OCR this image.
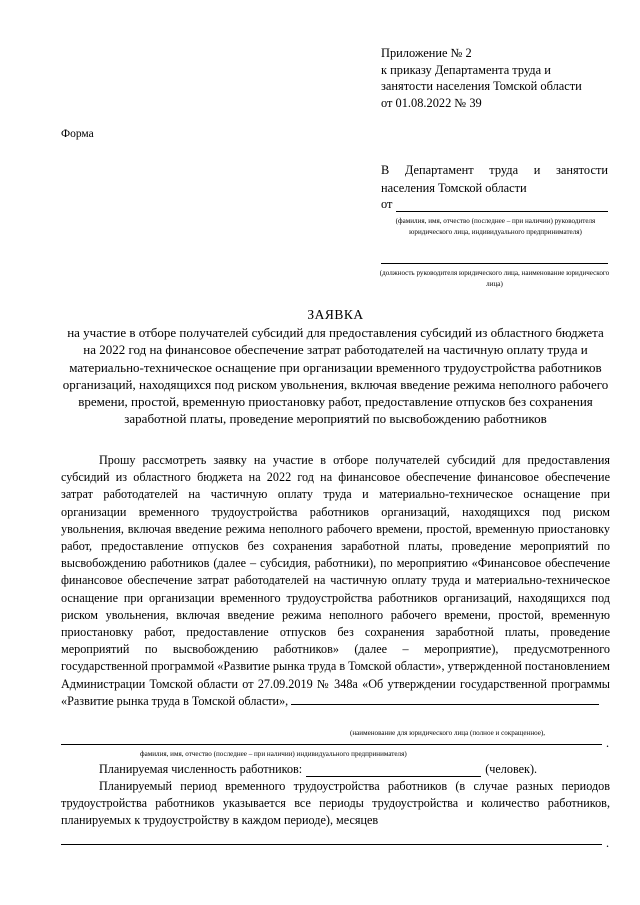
Приложение № 2
к приказу Департамента труда и
занятости населения Томской области
от 01.08.2022 № 39
Форма
В Департамент труда и занятости населения Томской области
от
(фамилия, имя, отчество (последнее – при наличии) руководителя юридического лица, индивидуального предпринимателя)
(должность руководителя юридического лица, наименование юридического лица)
ЗАЯВКА
на участие в отборе получателей субсидий для предоставления субсидий из областного бюджета на 2022 год на финансовое обеспечение затрат работодателей на частичную оплату труда и материально-техническое оснащение при организации временного трудоустройства работников организаций, находящихся под риском увольнения, включая введение режима неполного рабочего времени, простой, временную приостановку работ, предоставление отпусков без сохранения заработной платы, проведение мероприятий по высвобождению работников

Прошу рассмотреть заявку на участие в отборе получателей субсидий для предоставления субсидий из областного бюджета на 2022 год на финансовое обеспечение финансовое обеспечение затрат работодателей на частичную оплату труда и материально-техническое оснащение при организации временного трудоустройства работников организаций, находящихся под риском увольнения, включая введение режима неполного рабочего времени, простой, временную приостановку работ, предоставление отпусков без сохранения заработной платы, проведение мероприятий по высвобождению работников (далее – субсидия, работники), по мероприятию «Финансовое обеспечение финансовое обеспечение затрат работодателей на частичную оплату труда и материально-техническое оснащение при организации временного трудоустройства работников организаций, находящихся под риском увольнения, включая введение режима неполного рабочего времени, простой, временную приостановку работ, предоставление отпусков без сохранения заработной платы, проведение мероприятий по высвобождению работников» (далее – мероприятие), предусмотренного государственной программой «Развитие рынка труда в Томской области», утвержденной постановлением Администрации Томской области от 27.09.2019 № 348а «Об утверждении государственной программы «Развитие рынка труда в Томской области»,

(наименование для юридического лица (полное и сокращенное),
.
фамилия, имя, отчество (последнее – при наличии) индивидуального предпринимателя)
Планируемая численность работников:	(человек).

Планируемый период временного трудоустройства работников (в случае разных периодов трудоустройства работников указывается все периоды трудоустройства и количество работников, планируемых к трудоустройству в каждом периоде), месяцев

.
